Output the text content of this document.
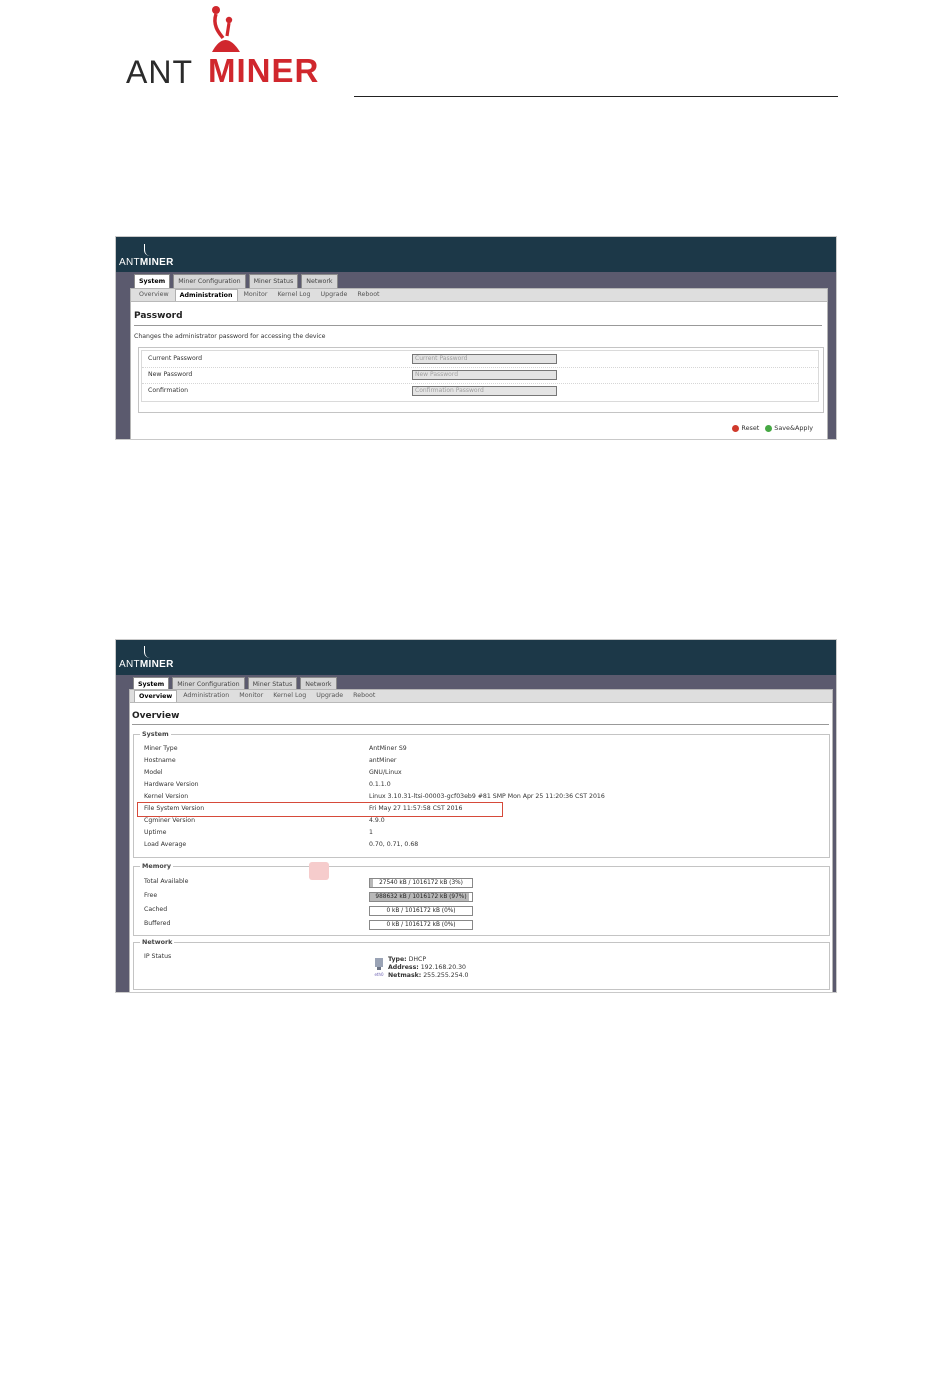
ANT MINER
ANTMINER
System	Miner Configuration	Miner Status	Network
Overview	Administration	Monitor	Kernel Log	Upgrade	Reboot
Password
Changes the administrator password for accessing the device
Current Password	Current Password
New Password	New Password
Confirmation	Confirmation Password
Reset Save&Apply
ANTMINER
System	Miner Configuration	Miner Status	Network
Overview	Administration	Monitor	Kernel Log	Upgrade	Reboot
Overview
System
Miner Type	AntMiner S9
Hostname	antMiner
Model	GNU/Linux
Hardware Version	0.1.1.0
Kernel Version	Linux 3.10.31-ltsi-00003-gcf03eb9 #81 SMP Mon Apr 25 11:20:36 CST 2016
File System Version	Fri May 27 11:57:58 CST 2016
Cgminer Version	4.9.0
Uptime	1
Load Average	0.70, 0.71, 0.68
Memory
Total Available	27540 kB / 1016172 kB (3%)
Free	988632 kB / 1016172 kB (97%)
Cached	0 kB / 1016172 kB (0%)
Buffered	0 kB / 1016172 kB (0%)
Network
IP Status
eth0
Type: DHCP
Address: 192.168.20.30
Netmask: 255.255.254.0
